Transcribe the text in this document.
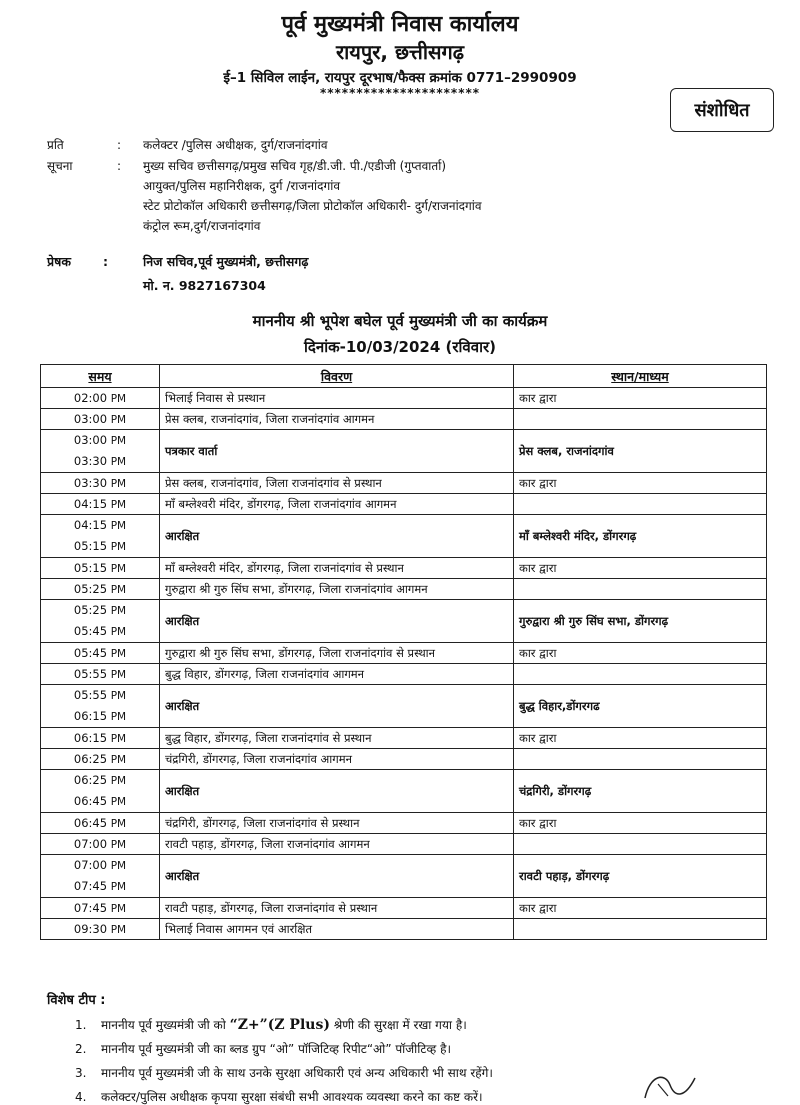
पूर्व मुख्यमंत्री निवास कार्यालय
रायपुर, छत्तीसगढ़
ई–1 सिविल लाईन, रायपुर दूरभाष/फैक्स क्रमांक 0771–2990909
**********************
संशोधित
प्रति	: कलेक्टर /पुलिस अधीक्षक, दुर्ग/राजनांदगांव
सूचना	: मुख्य सचिव छत्तीसगढ़/प्रमुख सचिव गृह/डी.जी. पी./एडीजी (गुप्तवार्ता)
आयुक्त/पुलिस महानिरीक्षक, दुर्ग /राजनांदगांव
स्टेट प्रोटोकॉल अधिकारी छत्तीसगढ़/जिला प्रोटोकॉल अधिकारी- दुर्ग/राजनांदगांव
कंट्रोल रूम,दुर्ग/राजनांदगांव
प्रेषक	:	निज सचिव,पूर्व मुख्यमंत्री, छत्तीसगढ़
मो. न. 9827167304
माननीय श्री भूपेश बघेल पूर्व मुख्यमंत्री जी का कार्यक्रम
दिनांक-10/03/2024 (रविवार)
समय	विवरण	स्थान/माध्यम

02:00 PM	भिलाई निवास से प्रस्थान	कार द्वारा

03:00 PM	प्रेस क्लब, राजनांदगांव, जिला राजनांदगांव आगमन	

03:00 PM
03:30 PM	पत्रकार वार्ता	प्रेस क्लब, राजनांदगांव

03:30 PM	प्रेस क्लब, राजनांदगांव, जिला राजनांदगांव से प्रस्थान	कार द्वारा

04:15 PM	माँ बम्लेश्वरी मंदिर, डोंगरगढ़, जिला राजनांदगांव आगमन	

04:15 PM
05:15 PM	आरक्षित	माँ बम्लेश्वरी मंदिर, डोंगरगढ़

05:15 PM	माँ बम्लेश्वरी मंदिर, डोंगरगढ़, जिला राजनांदगांव से प्रस्थान	कार द्वारा

05:25 PM	गुरुद्वारा श्री गुरु सिंघ सभा, डोंगरगढ़, जिला राजनांदगांव आगमन	

05:25 PM
05:45 PM	आरक्षित	गुरुद्वारा श्री गुरु सिंघ सभा, डोंगरगढ़

05:45 PM	गुरुद्वारा श्री गुरु सिंघ सभा, डोंगरगढ़, जिला राजनांदगांव से प्रस्थान	कार द्वारा

05:55 PM	बुद्ध विहार, डोंगरगढ़, जिला राजनांदगांव आगमन	

05:55 PM
06:15 PM	आरक्षित	बुद्ध विहार,डोंगरगढ

06:15 PM	बुद्ध विहार, डोंगरगढ़, जिला राजनांदगांव से प्रस्थान	कार द्वारा

06:25 PM	चंद्रगिरी, डोंगरगढ़, जिला राजनांदगांव आगमन	

06:25 PM
06:45 PM	आरक्षित	चंद्रगिरी, डोंगरगढ़

06:45 PM	चंद्रगिरी, डोंगरगढ़, जिला राजनांदगांव से प्रस्थान	कार द्वारा

07:00 PM	रावटी पहाड़, डोंगरगढ़, जिला राजनांदगांव आगमन	

07:00 PM
07:45 PM	आरक्षित	रावटी पहाड़, डोंगरगढ़

07:45 PM	रावटी पहाड़, डोंगरगढ़, जिला राजनांदगांव से प्रस्थान	कार द्वारा

09:30 PM	भिलाई निवास आगमन एवं आरक्षित	
विशेष टीप :
1. माननीय पूर्व मुख्यमंत्री जी को “Z+”(Z Plus) श्रेणी की सुरक्षा में रखा गया है।
2. माननीय पूर्व मुख्यमंत्री जी का ब्लड ग्रुप “ओ” पॉजिटिव्ह रिपीट“ओ” पॉजीटिव्ह है।
3. माननीय पूर्व मुख्यमंत्री जी के साथ उनके सुरक्षा अधिकारी एवं अन्य अधिकारी भी साथ रहेंगे।
4. कलेक्टर/पुलिस अधीक्षक कृपया सुरक्षा संबंधी सभी आवश्यक व्यवस्था करने का कष्ट करें।
